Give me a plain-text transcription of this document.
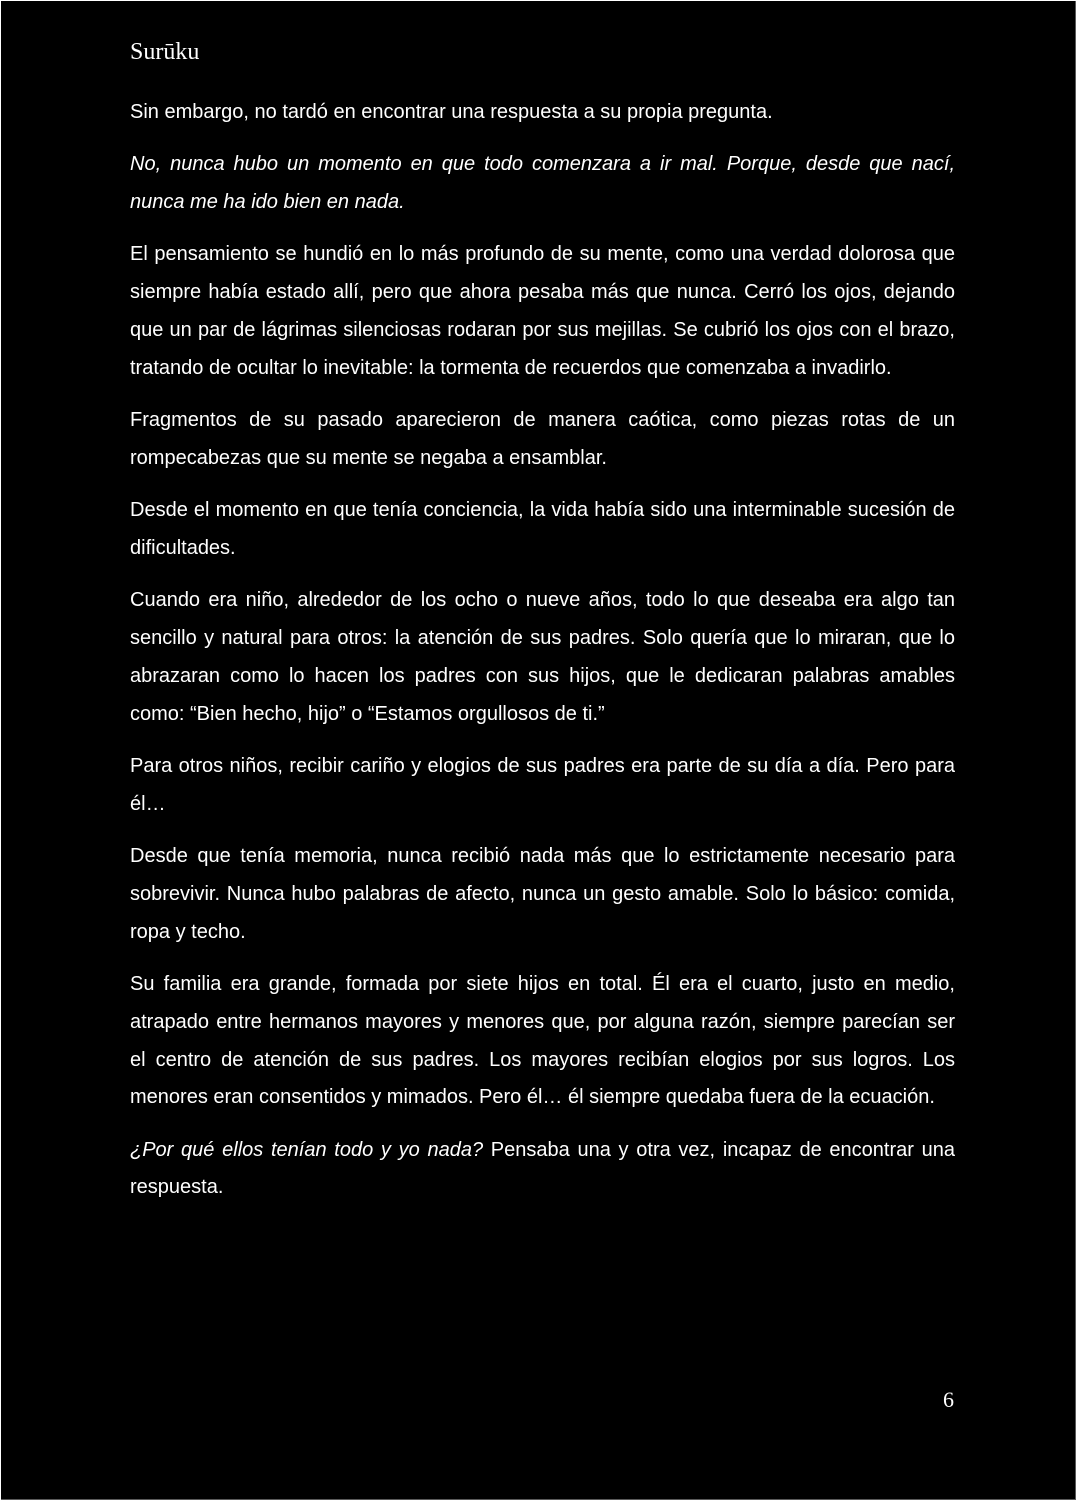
Surūku

Sin embargo, no tardó en encontrar una respuesta a su propia pregunta.

No, nunca hubo un momento en que todo comenzara a ir mal. Porque, desde que nací, nunca me ha ido bien en nada.

El pensamiento se hundió en lo más profundo de su mente, como una verdad dolorosa que siempre había estado allí, pero que ahora pesaba más que nunca. Cerró los ojos, dejando que un par de lágrimas silenciosas rodaran por sus mejillas. Se cubrió los ojos con el brazo, tratando de ocultar lo inevitable: la tormenta de recuerdos que comenzaba a invadirlo.

Fragmentos de su pasado aparecieron de manera caótica, como piezas rotas de un rompecabezas que su mente se negaba a ensamblar.

Desde el momento en que tenía conciencia, la vida había sido una interminable sucesión de dificultades.

Cuando era niño, alrededor de los ocho o nueve años, todo lo que deseaba era algo tan sencillo y natural para otros: la atención de sus padres. Solo quería que lo miraran, que lo abrazaran como lo hacen los padres con sus hijos, que le dedicaran palabras amables como: “Bien hecho, hijo” o “Estamos orgullosos de ti.”

Para otros niños, recibir cariño y elogios de sus padres era parte de su día a día. Pero para él…

Desde que tenía memoria, nunca recibió nada más que lo estrictamente necesario para sobrevivir. Nunca hubo palabras de afecto, nunca un gesto amable. Solo lo básico: comida, ropa y techo.

Su familia era grande, formada por siete hijos en total. Él era el cuarto, justo en medio, atrapado entre hermanos mayores y menores que, por alguna razón, siempre parecían ser el centro de atención de sus padres. Los mayores recibían elogios por sus logros. Los menores eran consentidos y mimados. Pero él… él siempre quedaba fuera de la ecuación.

¿Por qué ellos tenían todo y yo nada? Pensaba una y otra vez, incapaz de encontrar una respuesta.

6
